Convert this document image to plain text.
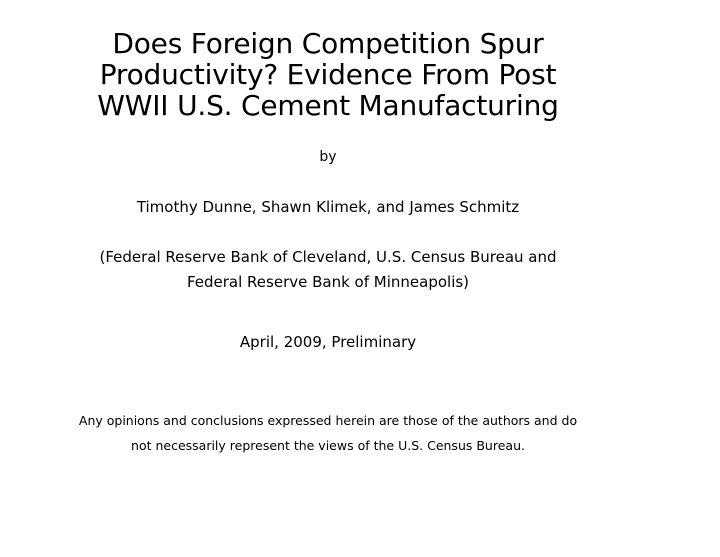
Does Foreign Competition Spur
Productivity? Evidence From Post
WWII U.S. Cement Manufacturing
by
Timothy Dunne, Shawn Klimek, and James Schmitz
(Federal Reserve Bank of Cleveland, U.S. Census Bureau and
Federal Reserve Bank of Minneapolis)
April, 2009, Preliminary
Any opinions and conclusions expressed herein are those of the authors and do
not necessarily represent the views of the U.S. Census Bureau.
